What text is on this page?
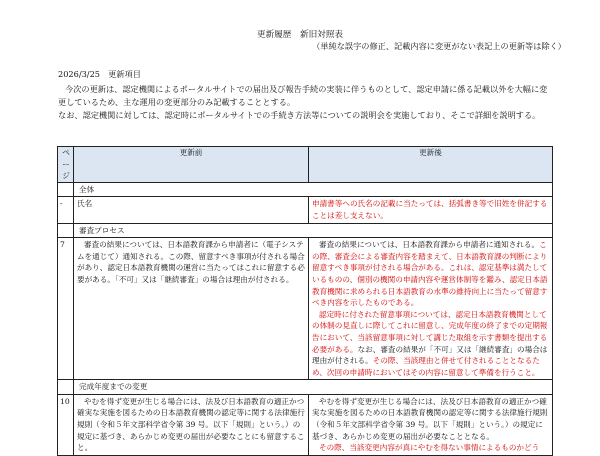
更新履歴　新旧対照表
（単純な誤字の修正、記載内容に変更がない表記上の更新等は除く）
2026/3/25　更新項目

今次の更新は、認定機関によるポータルサイトでの届出及び報告手続の実装に伴うものとして、認定申請に係る記載以外を大幅に変更しているため、主な運用の変更部分のみ記載することとする。

なお、認定機関に対しては、認定時にポータルサイトでの手続き方法等についての説明会を実施しており、そこで詳細を説明する。

ページ	更新前	更新後
	全体	
-	氏名	申請書等への氏名の記載に当たっては、括弧書き等で旧姓を併記することは差し支えない。
	審査プロセス	
7	審査の結果については、日本語教育課から申請者に（電子システムを通じて）通知される。この際、留意すべき事項が付される場合があり、認定日本語教育機関の運営に当たってはこれに留意する必要がある。「不可」又は「継続審査」の場合は理由が付される。	審査の結果については、日本語教育課から申請者に通知される。この際、審査会による審査内容を踏まえて、日本語教育課の判断により留意すべき事項が付される場合がある。これは、認定基準は満たしているものの、個別の機関の申請内容や運営体制等を鑑み、認定日本語教育機関に求められる日本語教育の水準の維持向上に当たって留意すべき内容を示したものである。
認定時に付された留意事項については、認定日本語教育機関としての体制の見直しに際してこれに留意し、完成年度の終了までの定期報告において、当該留意事項に対して講じた取組を示す書類を提出する必要がある。なお、審査の結果が「不可」又は「継続審査」の場合は理由が付される。その際、当該理由と併せて付されることとなるため、次回の申請時においてはその内容に留意して準備を行うこと。

	完成年度までの変更	
10	やむを得ず変更が生じる場合には、法及び日本語教育の適正かつ確実な実施を図るための日本語教育機関の認定等に関する法律施行規則（令和５年文部科学省令第 39 号。以下「規則」という。）の規定に基づき、あらかじめ変更の届出が必要なことにも留意すること。	やむを得ず変更が生じる場合には、法及び日本語教育の適正かつ確実な実施を図るための日本語教育機関の認定等に関する法律施行規則（令和５年文部科学省令第 39 号。以下「規則」という。）の規定に基づき、あらかじめ変更の届出が必要なこととなる。
その際、当該変更内容が真にやむを得ない事情によるものかどう
